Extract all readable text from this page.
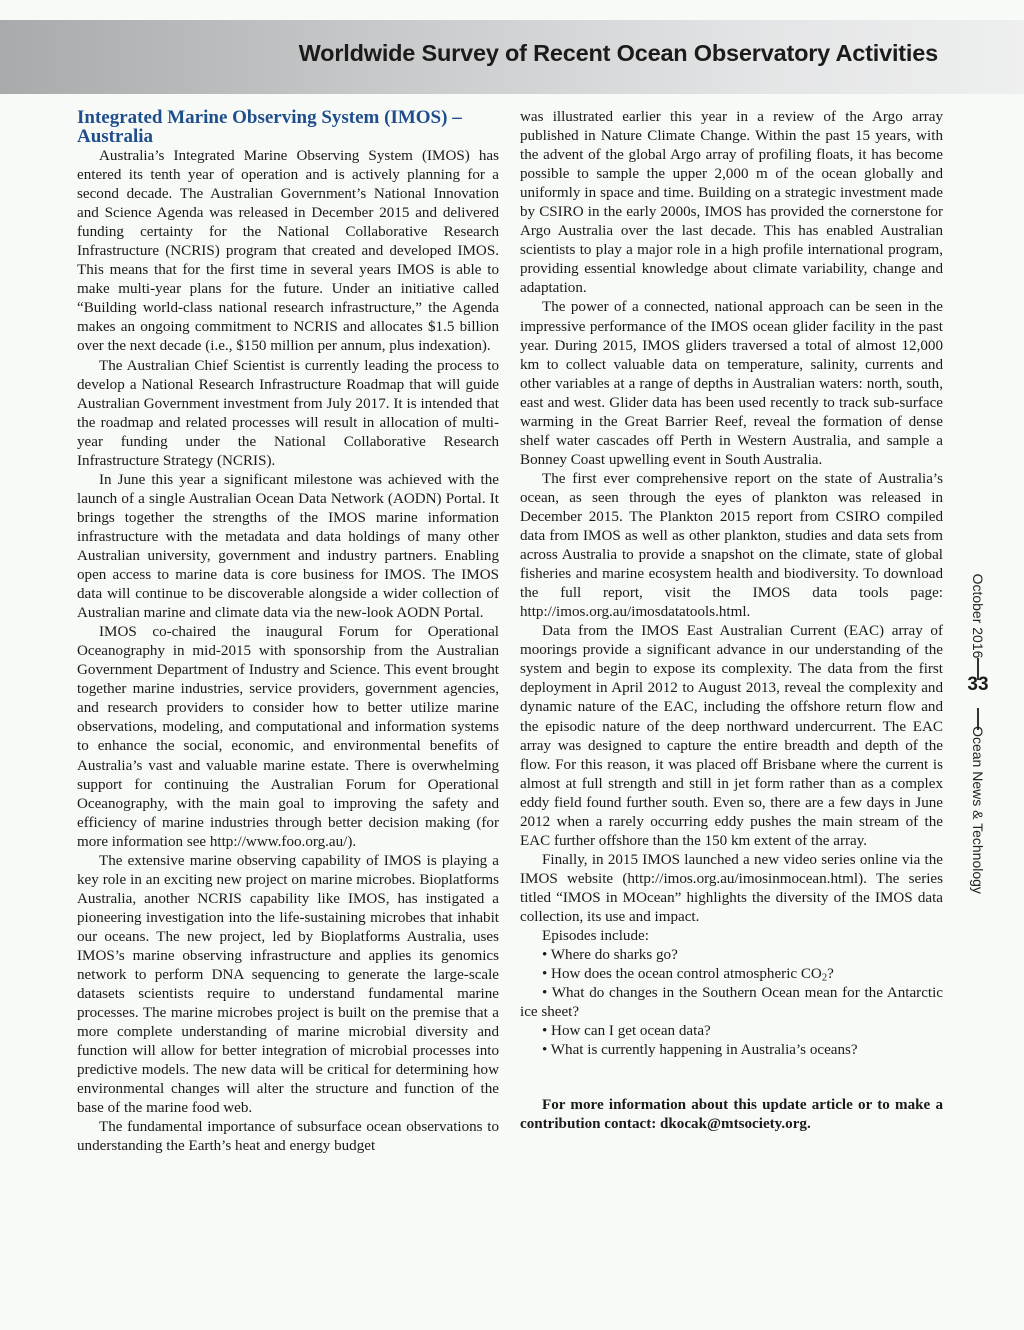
Worldwide Survey of Recent Ocean Observatory Activities
Integrated Marine Observing System (IMOS) – Australia

Australia’s Integrated Marine Observing System (IMOS) has entered its tenth year of operation and is actively planning for a second decade. The Australian Government’s National Innovation and Science Agenda was released in December 2015 and delivered funding certainty for the National Collaborative Research Infrastructure (NCRIS) program that created and developed IMOS. This means that for the first time in several years IMOS is able to make multi-year plans for the future. Under an initiative called “Building world-class national research infrastructure,” the Agenda makes an ongoing commitment to NCRIS and allocates $1.5 billion over the next decade (i.e., $150 million per annum, plus indexation).

The Australian Chief Scientist is currently leading the process to develop a National Research Infrastructure Roadmap that will guide Australian Government investment from July 2017. It is intended that the roadmap and related processes will result in allocation of multi-year funding under the National Collaborative Research Infrastructure Strategy (NCRIS).

In June this year a significant milestone was achieved with the launch of a single Australian Ocean Data Network (AODN) Portal. It brings together the strengths of the IMOS marine information infrastructure with the metadata and data holdings of many other Australian university, government and industry partners. Enabling open access to marine data is core business for IMOS. The IMOS data will continue to be discoverable alongside a wider collection of Australian marine and climate data via the new-look AODN Portal.

IMOS co-chaired the inaugural Forum for Operational Oceanography in mid-2015 with sponsorship from the Australian Government Department of Industry and Science. This event brought together marine industries, service providers, government agencies, and research providers to consider how to better utilize marine observations, modeling, and computational and information systems to enhance the social, economic, and environmental benefits of Australia’s vast and valuable marine estate. There is overwhelming support for continuing the Australian Forum for Operational Oceanography, with the main goal to improving the safety and efficiency of marine industries through better decision making (for more information see http://www.foo.org.au/).

The extensive marine observing capability of IMOS is playing a key role in an exciting new project on marine microbes. Bioplatforms Australia, another NCRIS capability like IMOS, has instigated a pioneering investigation into the life-sustaining microbes that inhabit our oceans. The new project, led by Bioplatforms Australia, uses IMOS’s marine observing infrastructure and applies its genomics network to perform DNA sequencing to generate the large-scale datasets scientists require to understand fundamental marine processes. The marine microbes project is built on the premise that a more complete understanding of marine microbial diversity and function will allow for better integration of microbial processes into predictive models. The new data will be critical for determining how environmental changes will alter the structure and function of the base of the marine food web.

The fundamental importance of subsurface ocean observations to understanding the Earth’s heat and energy budget

was illustrated earlier this year in a review of the Argo array published in Nature Climate Change. Within the past 15 years, with the advent of the global Argo array of profiling floats, it has become possible to sample the upper 2,000 m of the ocean globally and uniformly in space and time. Building on a strategic investment made by CSIRO in the early 2000s, IMOS has provided the cornerstone for Argo Australia over the last decade. This has enabled Australian scientists to play a major role in a high profile international program, providing essential knowledge about climate variability, change and adaptation.

The power of a connected, national approach can be seen in the impressive performance of the IMOS ocean glider facility in the past year. During 2015, IMOS gliders traversed a total of almost 12,000 km to collect valuable data on temperature, salinity, currents and other variables at a range of depths in Australian waters: north, south, east and west. Glider data has been used recently to track sub-surface warming in the Great Barrier Reef, reveal the formation of dense shelf water cascades off Perth in Western Australia, and sample a Bonney Coast upwelling event in South Australia.

The first ever comprehensive report on the state of Australia’s ocean, as seen through the eyes of plankton was released in December 2015. The Plankton 2015 report from CSIRO compiled data from IMOS as well as other plankton, studies and data sets from across Australia to provide a snapshot on the climate, state of global fisheries and marine ecosystem health and biodiversity. To download the full report, visit the IMOS data tools page: http://imos.org.au/imosdatatools.html.

Data from the IMOS East Australian Current (EAC) array of moorings provide a significant advance in our understanding of the system and begin to expose its complexity. The data from the first deployment in April 2012 to August 2013, reveal the complexity and dynamic nature of the EAC, including the offshore return flow and the episodic nature of the deep northward undercurrent. The EAC array was designed to capture the entire breadth and depth of the flow. For this reason, it was placed off Brisbane where the current is almost at full strength and still in jet form rather than as a complex eddy field found further south. Even so, there are a few days in June 2012 when a rarely occurring eddy pushes the main stream of the EAC further offshore than the 150 km extent of the array.

Finally, in 2015 IMOS launched a new video series online via the IMOS website (http://imos.org.au/imosinmocean.html). The series titled “IMOS in MOcean” highlights the diversity of the IMOS data collection, its use and impact.

Episodes include:

• Where do sharks go?

• How does the ocean control atmospheric $CO_2$?

• What do changes in the Southern Ocean mean for the Antarctic ice sheet?

• How can I get ocean data?

• What is currently happening in Australia’s oceans?

For more information about this update article or to make a contribution contact: dkocak@mtsociety.org.

October 2016
33
Ocean News & Technology
